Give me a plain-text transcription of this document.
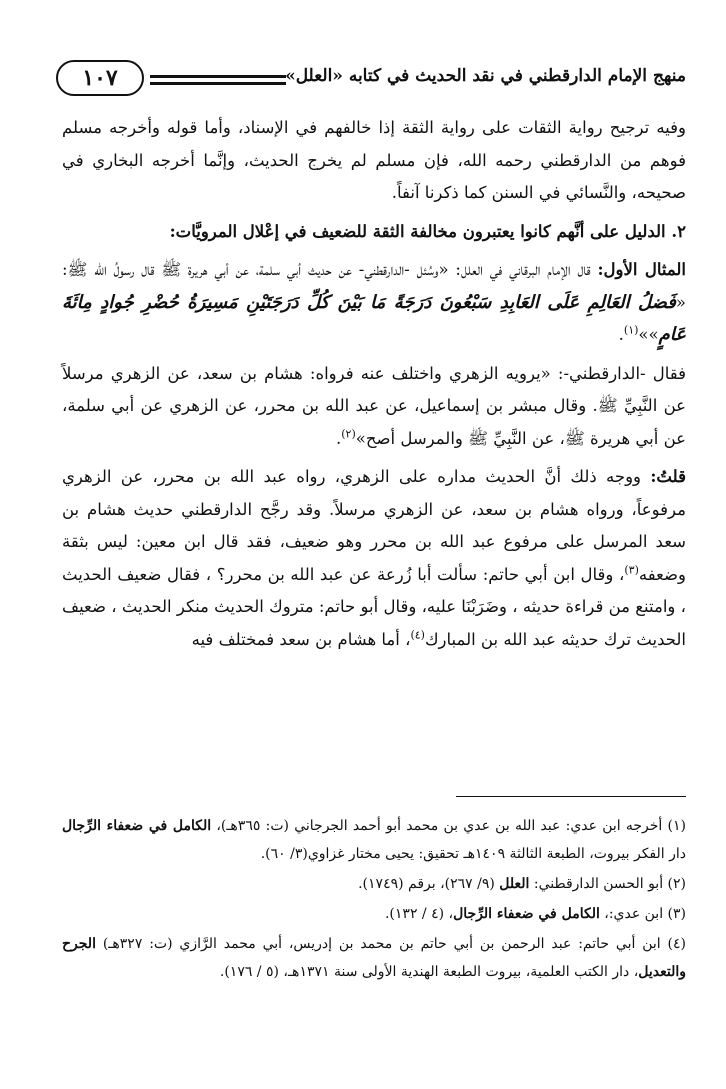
منهج الإمام الدارقطني في نقد الحديث في كتابه «العلل»
١٠٧

وفيه ترجيح رواية الثقات على رواية الثقة إذا خالفهم في الإسناد، وأما قوله وأخرجه مسلم فوهم من الدارقطني رحمه الله، فإن مسلم لم يخرج الحديث، وإنَّما أخرجه البخاري في صحيحه، والنَّسائي في السنن كما ذكرنا آنفاً.

٢. الدليل على أنَّهم كانوا يعتبرون مخالفة الثقة للضعيف في إعْلال المرويَّات:

المثال الأول: قال الإمام البرقاني في العلل: «وسُئل -الدارقطني- عن حديث أبي سلمة، عن أبي هريرة ﷺ قال رسولُ الله ﷺ: «فَضلُ العَالِمِ عَلَى العَابِدِ سَبْعُونَ دَرَجَةً مَا بَيْنَ كُلِّ دَرَجَتَيْنِ مَسِيرَةُ حُضْرِ جُوادٍ مِائَةَ عَامٍ»»$^{(١)}$.

فقال -الدارقطني-: «يرويه الزهري واختلف عنه فرواه: هشام بن سعد، عن الزهري مرسلاً عن النَّبِيِّ ﷺ. وقال مبشر بن إسماعيل، عن عبد الله بن محرر، عن الزهري عن أبي سلمة، عن أبي هريرة ﷺ، عن النَّبِيِّ ﷺ والمرسل أصح»$^{(٢)}$.

قلتُ: ووجه ذلك أنَّ الحديث مداره على الزهري، رواه عبد الله بن محرر، عن الزهري مرفوعاً، ورواه هشام بن سعد، عن الزهري مرسلاً. وقد رجَّح الدارقطني حديث هشام بن سعد المرسل على مرفوع عبد الله بن محرر وهو ضعيف، فقد قال ابن معين: ليس بثقة وضعفه$^{(٣)}$، وقال ابن أبي حاتم: سألت أبا زُرعة عن عبد الله بن محرر؟ ، فقال ضعيف الحديث ، وامتنع من قراءة حديثه ، وضَرَبْنَا عليه، وقال أبو حاتم: متروك الحديث منكر الحديث ، ضعيف الحديث ترك حديثه عبد الله بن المبارك$^{(٤)}$، أما هشام بن سعد فمختلف فيه

(١) أخرجه ابن عدي: عبد الله بن عدي بن محمد أبو أحمد الجرجاني (ت: ٣٦٥هـ)، الكامل في ضعفاء الرِّجال دار الفكر بيروت، الطبعة الثالثة ١٤٠٩هـ تحقيق: يحيى مختار غزاوي(٣/ ٦٠).

(٢) أبو الحسن الدارقطني: العلل (٩/ ٢٦٧)، برقم (١٧٤٩).

(٣) ابن عدي:، الكامل في ضعفاء الرِّجال، (٤ / ١٣٢).

(٤) ابن أبي حاتم: عبد الرحمن بن أبي حاتم بن محمد بن إدريس، أبي محمد الرَّازي (ت: ٣٢٧هـ) الجرح والتعديل، دار الكتب العلمية، بيروت الطبعة الهندية الأولى سنة ١٣٧١هـ، (٥ / ١٧٦).
